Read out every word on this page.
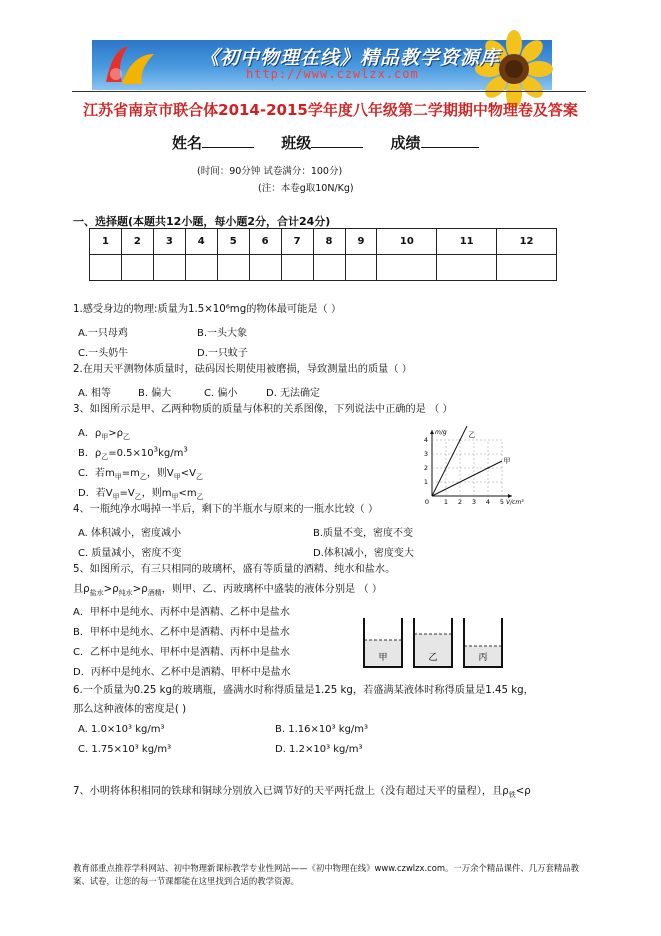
《初中物理在线》精品教学资源库
http://www.czwlzx.com
江苏省南京市联合体2014-2015学年度八年级第二学期期中物理卷及答案
姓名	班级	成绩
(时间：90分钟 试卷满分：100分)
(注：本卷g取10N/Kg)
一、选择题(本题共12小题，每小题2分，合计24分)
1	2	3	4	5	6	7	8	9	10	11	12

1.感受身边的物理:质量为1.5×10⁶mg的物体最可能是（ ）
A.一只母鸡	B.一头大象
C.一头奶牛	D.一只蚊子
2.在用天平测物体质量时，砝码因长期使用被磨损，导致测量出的质量（ ）
A. 相等	B. 偏大	C. 偏小	D. 无法确定
3、如图所示是甲、乙两种物质的质量与体积的关系图像，下列说法中正确的是 （ ）
A．$\rho_甲>\rho_乙$
B．$\rho_乙=0.5\times 10^3kg/m^3$
C．若$m_甲=m_乙$，则$V_甲<V_乙$
D．若$V_甲=V_乙$，则$m_甲<m_乙$
1 2 3 4 5
1
2
3
4
0
m/g
V/cm³
乙
甲
4、一瓶纯净水喝掉一半后，剩下的半瓶水与原来的一瓶水比较（ ）
A. 体积减小，密度减小	B.质量不变，密度不变
C. 质量减小，密度不变	D.体积减小，密度变大
5、如图所示，有三只相同的玻璃杯，盛有等质量的酒精、纯水和盐水。
且$\rho_{盐水}>\rho_{纯水}>\rho_{酒精}$，则甲、乙、丙玻璃杯中盛装的液体分别是 （ ）
A．甲杯中是纯水、丙杯中是酒精、乙杯中是盐水
B．甲杯中是纯水、乙杯中是酒精、丙杯中是盐水
C．乙杯中是纯水、甲杯中是酒精、丙杯中是盐水
D．丙杯中是纯水、乙杯中是酒精、甲杯中是盐水
甲	乙	丙
6.一个质量为0.25 kg的玻璃瓶，盛满水时称得质量是1.25 kg，若盛满某液体时称得质量是1.45 kg，
那么这种液体的密度是( )
A. 1.0×10³ kg/m³	B. 1.16×10³ kg/m³
C. 1.75×10³ kg/m³	D. 1.2×10³ kg/m³
7、小明将体积相同的铁球和铜球分别放入已调节好的天平两托盘上（没有超过天平的量程），且$\rho_铁<\rho$
教育部重点推荐学科网站、初中物理新课标教学专业性网站——《初中物理在线》www.czwlzx.com。一万余个精品课件、几万套精品教案、试卷，让您的每一节课都能在这里找到合适的教学资源。
